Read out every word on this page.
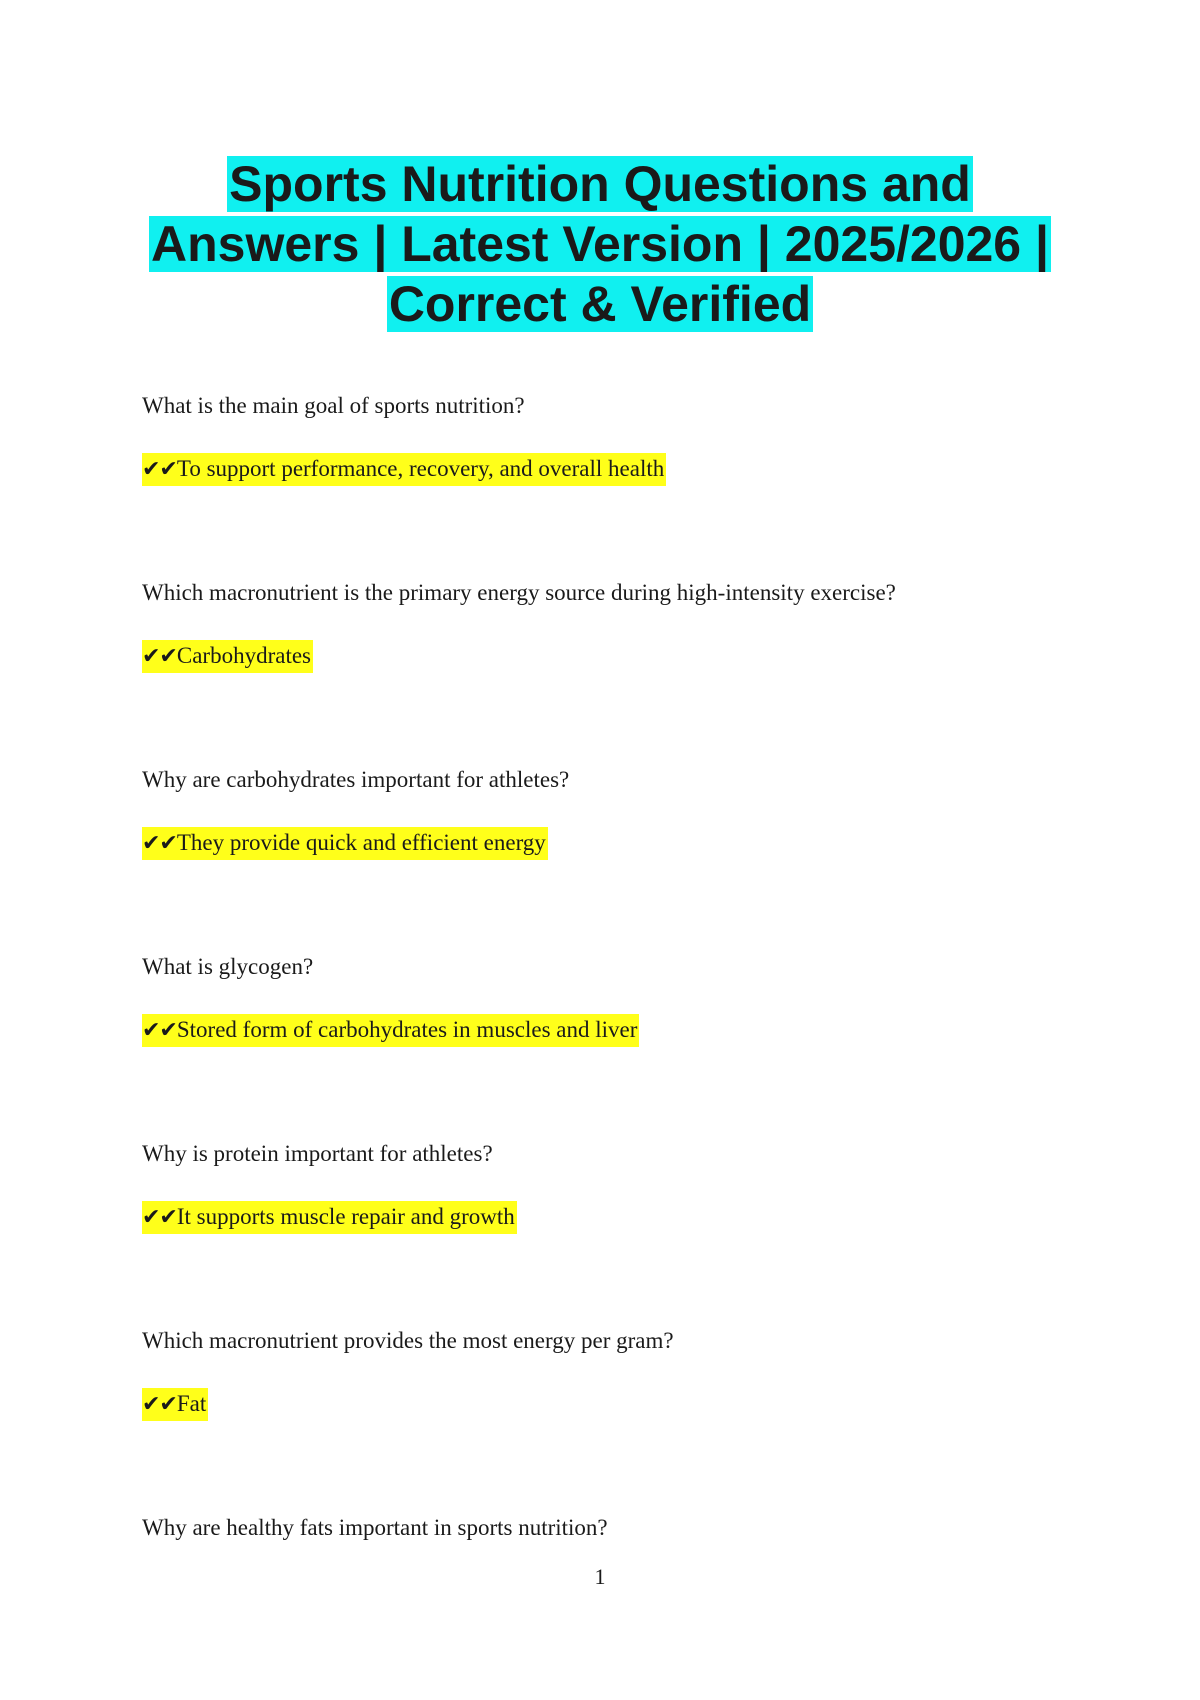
Sports Nutrition Questions and
Answers | Latest Version | 2025/2026 |
Correct & Verified
What is the main goal of sports nutrition?
✔✔To support performance, recovery, and overall health
Which macronutrient is the primary energy source during high-intensity exercise?
✔✔Carbohydrates
Why are carbohydrates important for athletes?
✔✔They provide quick and efficient energy
What is glycogen?
✔✔Stored form of carbohydrates in muscles and liver
Why is protein important for athletes?
✔✔It supports muscle repair and growth
Which macronutrient provides the most energy per gram?
✔✔Fat
Why are healthy fats important in sports nutrition?
1
